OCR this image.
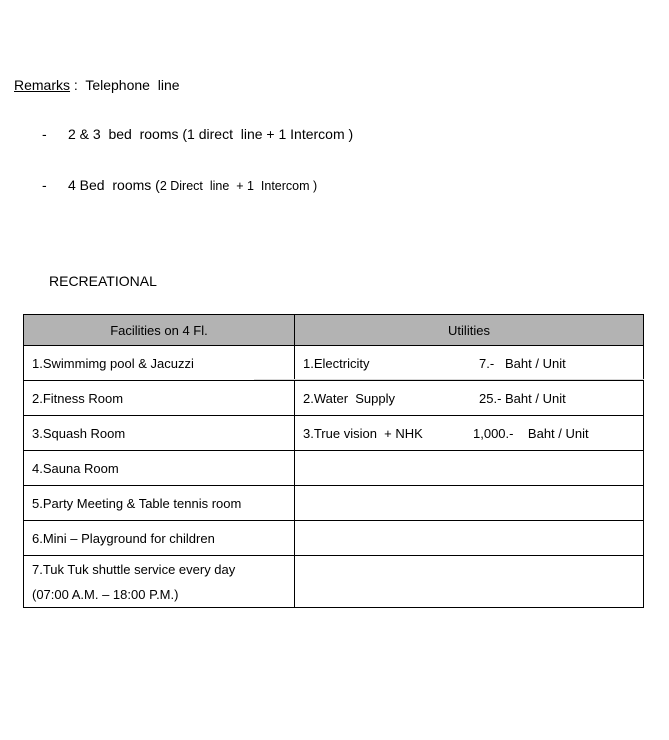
Remarks :  Telephone  line
- 2 & 3  bed  rooms (1 direct  line + 1 Intercom )
- 4 Bed  rooms (2 Direct  line  + 1  Intercom )
RECREATIONAL
Facilities on 4 Fl.	Utilities
1.Swimmimg pool & Jacuzzi	1.Electricity 7.-   Baht / Unit
2.Fitness Room	2.Water  Supply 25.- Baht / Unit
3.Squash Room	3.True vision  + NHK 1,000.-    Baht / Unit
4.Sauna Room	
5.Party Meeting & Table tennis room	
6.Mini – Playground for children	
7.Tuk Tuk shuttle service every day
(07:00 A.M. – 18:00 P.M.)	
